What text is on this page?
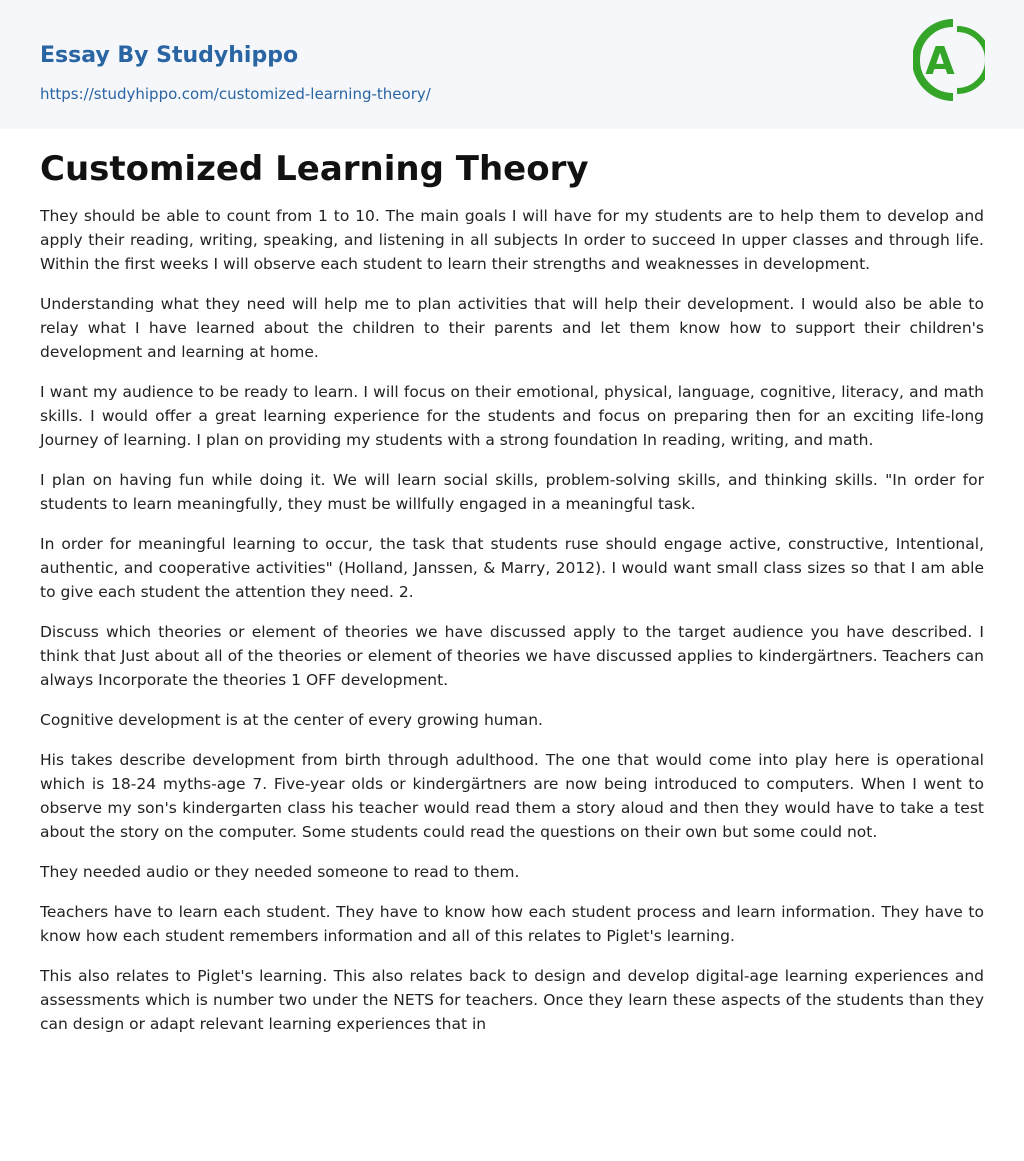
Essay By Studyhippo
https://studyhippo.com/customized-learning-theory/
A
Customized Learning Theory

They should be able to count from 1 to 10. The main goals I will have for my students are to help them to develop and apply their reading, writing, speaking, and listening in all subjects In order to succeed In upper classes and through life. Within the first weeks I will observe each student to learn their strengths and weaknesses in development.

Understanding what they need will help me to plan activities that will help their development. I would also be able to relay what I have learned about the children to their parents and let them know how to support their children's development and learning at home.

I want my audience to be ready to learn. I will focus on their emotional, physical, language, cognitive, literacy, and math skills. I would offer a great learning experience for the students and focus on preparing then for an exciting life-long Journey of learning. I plan on providing my students with a strong foundation In reading, writing, and math.

I plan on having fun while doing it. We will learn social skills, problem-solving skills, and thinking skills. "In order for students to learn meaningfully, they must be willfully engaged in a meaningful task.

In order for meaningful learning to occur, the task that students ruse should engage active, constructive, Intentional, authentic, and cooperative activities" (Holland, Janssen, & Marry, 2012). I would want small class sizes so that I am able to give each student the attention they need. 2.

Discuss which theories or element of theories we have discussed apply to the target audience you have described. I think that Just about all of the theories or element of theories we have discussed applies to kindergärtners. Teachers can always Incorporate the theories 1 OFF development.

Cognitive development is at the center of every growing human.

His takes describe development from birth through adulthood. The one that would come into play here is operational which is 18-24 myths-age 7. Five-year olds or kindergärtners are now being introduced to computers. When I went to observe my son's kindergarten class his teacher would read them a story aloud and then they would have to take a test about the story on the computer. Some students could read the questions on their own but some could not.

They needed audio or they needed someone to read to them.

Teachers have to learn each student. They have to know how each student process and learn information. They have to know how each student remembers information and all of this relates to Piglet's learning.

This also relates to Piglet's learning. This also relates back to design and develop digital-age learning experiences and assessments which is number two under the NETS for teachers. Once they learn these aspects of the students than they can design or adapt relevant learning experiences that in
